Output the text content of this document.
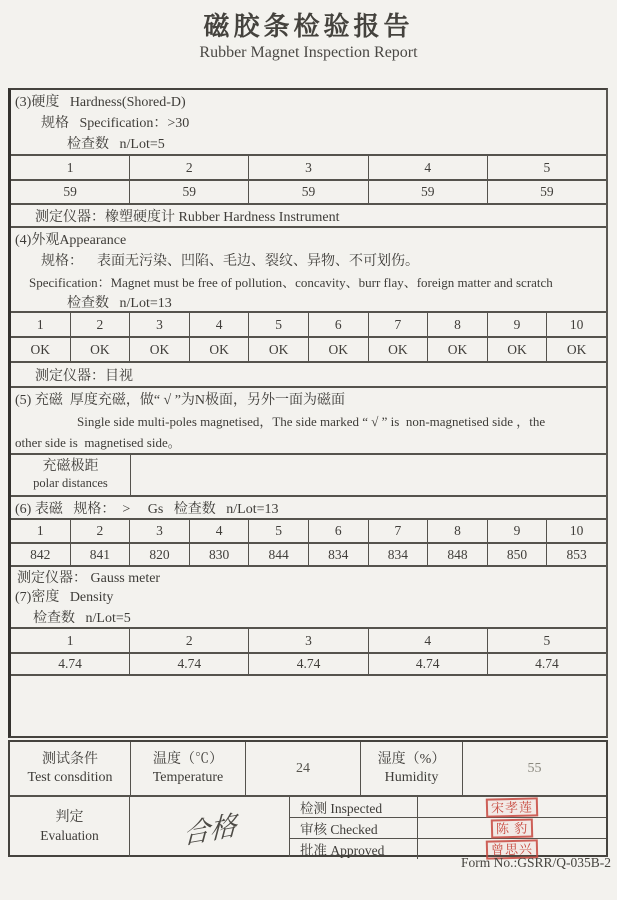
磁胶条检验报告
Rubber Magnet Inspection Report
(3)硬度   Hardness(Shored-D)
规格   Specification：>30
检查数   n/Lot=5
1	2	3	4	5
59	59	59	59	59
测定仪器：橡塑硬度计 Rubber Hardness Instrument
(4)外观Appearance
规格：    表面无污染、凹陷、毛边、裂纹、异物、不可划伤。
Specification：Magnet must be free of pollution、concavity、burr flay、foreign matter and scratch
检查数   n/Lot=13
1	2	3	4	5	6	7	8	9	10
OK	OK	OK	OK	OK	OK	OK	OK	OK	OK
测定仪器：目视
(5) 充磁  厚度充磁，做“ √ ”为N极面，另外一面为磁面
Single side multi-poles magnetised，The side marked “ √ ” is  non-magnetised side ，the
other side is  magnetised side。
充磁极距
polar distances
(6) 表磁   规格：  >     Gs   检查数   n/Lot=13
1	2	3	4	5	6	7	8	9	10
842	841	820	830	844	834	834	848	850	853
测定仪器： Gauss meter
(7)密度   Density
检查数   n/Lot=5
1	2	3	4	5
4.74	4.74	4.74	4.74	4.74
测试条件
Test consdition
温度（℃）
Temperature
24
湿度（%）
Humidity
55
判定
Evaluation	合格
检测 Inspected	宋孝莲
审核 Checked	陈 豹
批准 Approved	曾思兴
Form No.:GSRR/Q-035B-2
